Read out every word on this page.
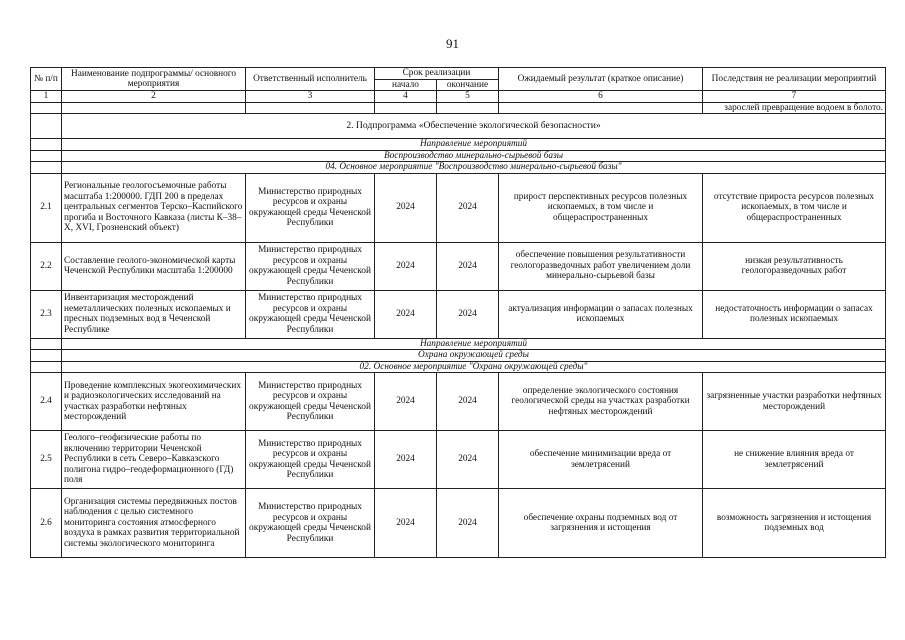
91
№ п/п	Наименование подпрограммы/ основного мероприятия	Ответственный исполнитель	Срок реализации		Ожидаемый результат (краткое описание)	Последствия не реализации мероприятий
			начало	окончание		
1	2	3	4	5	6	7
						зарослей превращение водоем в болото.
	2. Подпрограмма «Обеспечение экологической безопасности»					
	Направление мероприятий					
	Воспроизводство минерально-сырьевой базы					
	04. Основное мероприятие "Воспроизводство минерально-сырьевой базы"					
2.1	Региональные геологосъемочные работы масштаба 1:200000. ГДП 200 в пределах центральных сегментов Терско–Каспийского прогиба и Восточного Кавказа (листы К–38–Х, XVI, Грозненский объект)	Министерство природных ресурсов и охраны окружающей среды Чеченской Республики	2024	2024	прирост перспективных ресурсов полезных ископаемых, в том числе и общераспространенных	отсутствие прироста ресурсов полезных ископаемых, в том числе и общераспространенных
2.2	Составление геолого-экономической карты Чеченской Республики масштаба 1:200000	Министерство природных ресурсов и охраны окружающей среды Чеченской Республики	2024	2024	обеспечение повышения результативности геологоразведочных работ увеличением доли минерально-сырьевой базы	низкая результативность геологоразведочных работ
2.3	Инвентаризация месторождений неметаллических полезных ископаемых и пресных подземных вод в Чеченской Республике	Министерство природных ресурсов и охраны окружающей среды Чеченской Республики	2024	2024	актуализация информации о запасах полезных ископаемых	недостаточность информации о запасах полезных ископаемых
	Направление мероприятий					
	Охрана окружающей среды					
	02. Основное мероприятие "Охрана окружающей среды"					
2.4	Проведение комплексных экогеохимических и радиоэкологических исследований на участках разработки нефтяных месторождений	Министерство природных ресурсов и охраны окружающей среды Чеченской Республики	2024	2024	определение экологического состояния геологической среды на участках разработки нефтяных месторождений	загрязненные участки разработки нефтяных месторождений
2.5	Геолого–геофизические работы по включению территории Чеченской Республики в сеть Северо–Кавказского полигона гидро–геодеформационного (ГД) поля	Министерство природных ресурсов и охраны окружающей среды Чеченской Республики	2024	2024	обеспечение минимизации вреда от землетрясений	не снижение влияния вреда от землетрясений
2.6	Организация системы передвижных постов наблюдения с целью системного мониторинга состояния атмосферного воздуха в рамках развития территориальной системы экологического мониторинга	Министерство природных ресурсов и охраны окружающей среды Чеченской Республики	2024	2024	обеспечение охраны подземных вод от загрязнения и истощения	возможность загрязнения и истощения подземных вод
